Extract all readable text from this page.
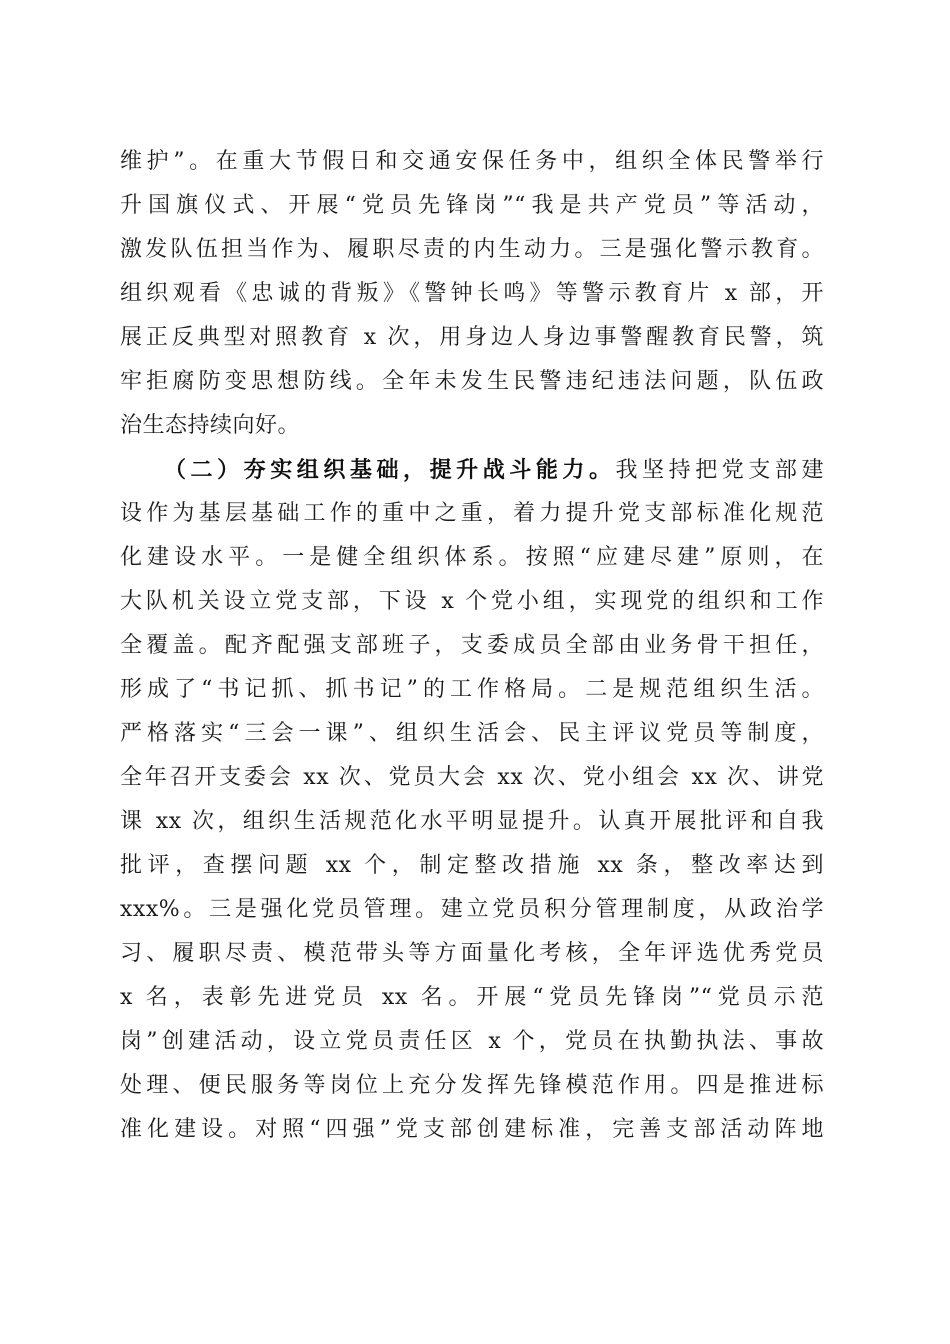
维护”。在重大节假日和交通安保任务中，组织全体民警举行
升国旗仪式、开展“党员先锋岗”“我是共产党员”等活动，
激发队伍担当作为、履职尽责的内生动力。三是强化警示教育。
组织观看《忠诚的背叛》《警钟长鸣》等警示教育片 x 部，开
展正反典型对照教育 x 次，用身边人身边事警醒教育民警，筑
牢拒腐防变思想防线。全年未发生民警违纪违法问题，队伍政
治生态持续向好。
（二）夯实组织基础，提升战斗能力。我坚持把党支部建
设作为基层基础工作的重中之重，着力提升党支部标准化规范
化建设水平。一是健全组织体系。按照“应建尽建”原则，在
大队机关设立党支部，下设 x 个党小组，实现党的组织和工作
全覆盖。配齐配强支部班子，支委成员全部由业务骨干担任，
形成了“书记抓、抓书记”的工作格局。二是规范组织生活。
严格落实“三会一课”、组织生活会、民主评议党员等制度，
全年召开支委会 xx 次、党员大会 xx 次、党小组会 xx 次、讲党
课 xx 次，组织生活规范化水平明显提升。认真开展批评和自我
批评，查摆问题 xx 个，制定整改措施 xx 条，整改率达到
xxx%。三是强化党员管理。建立党员积分管理制度，从政治学
习、履职尽责、模范带头等方面量化考核，全年评选优秀党员
x 名，表彰先进党员 xx 名。开展“党员先锋岗”“党员示范
岗”创建活动，设立党员责任区 x 个，党员在执勤执法、事故
处理、便民服务等岗位上充分发挥先锋模范作用。四是推进标
准化建设。对照“四强”党支部创建标准，完善支部活动阵地
